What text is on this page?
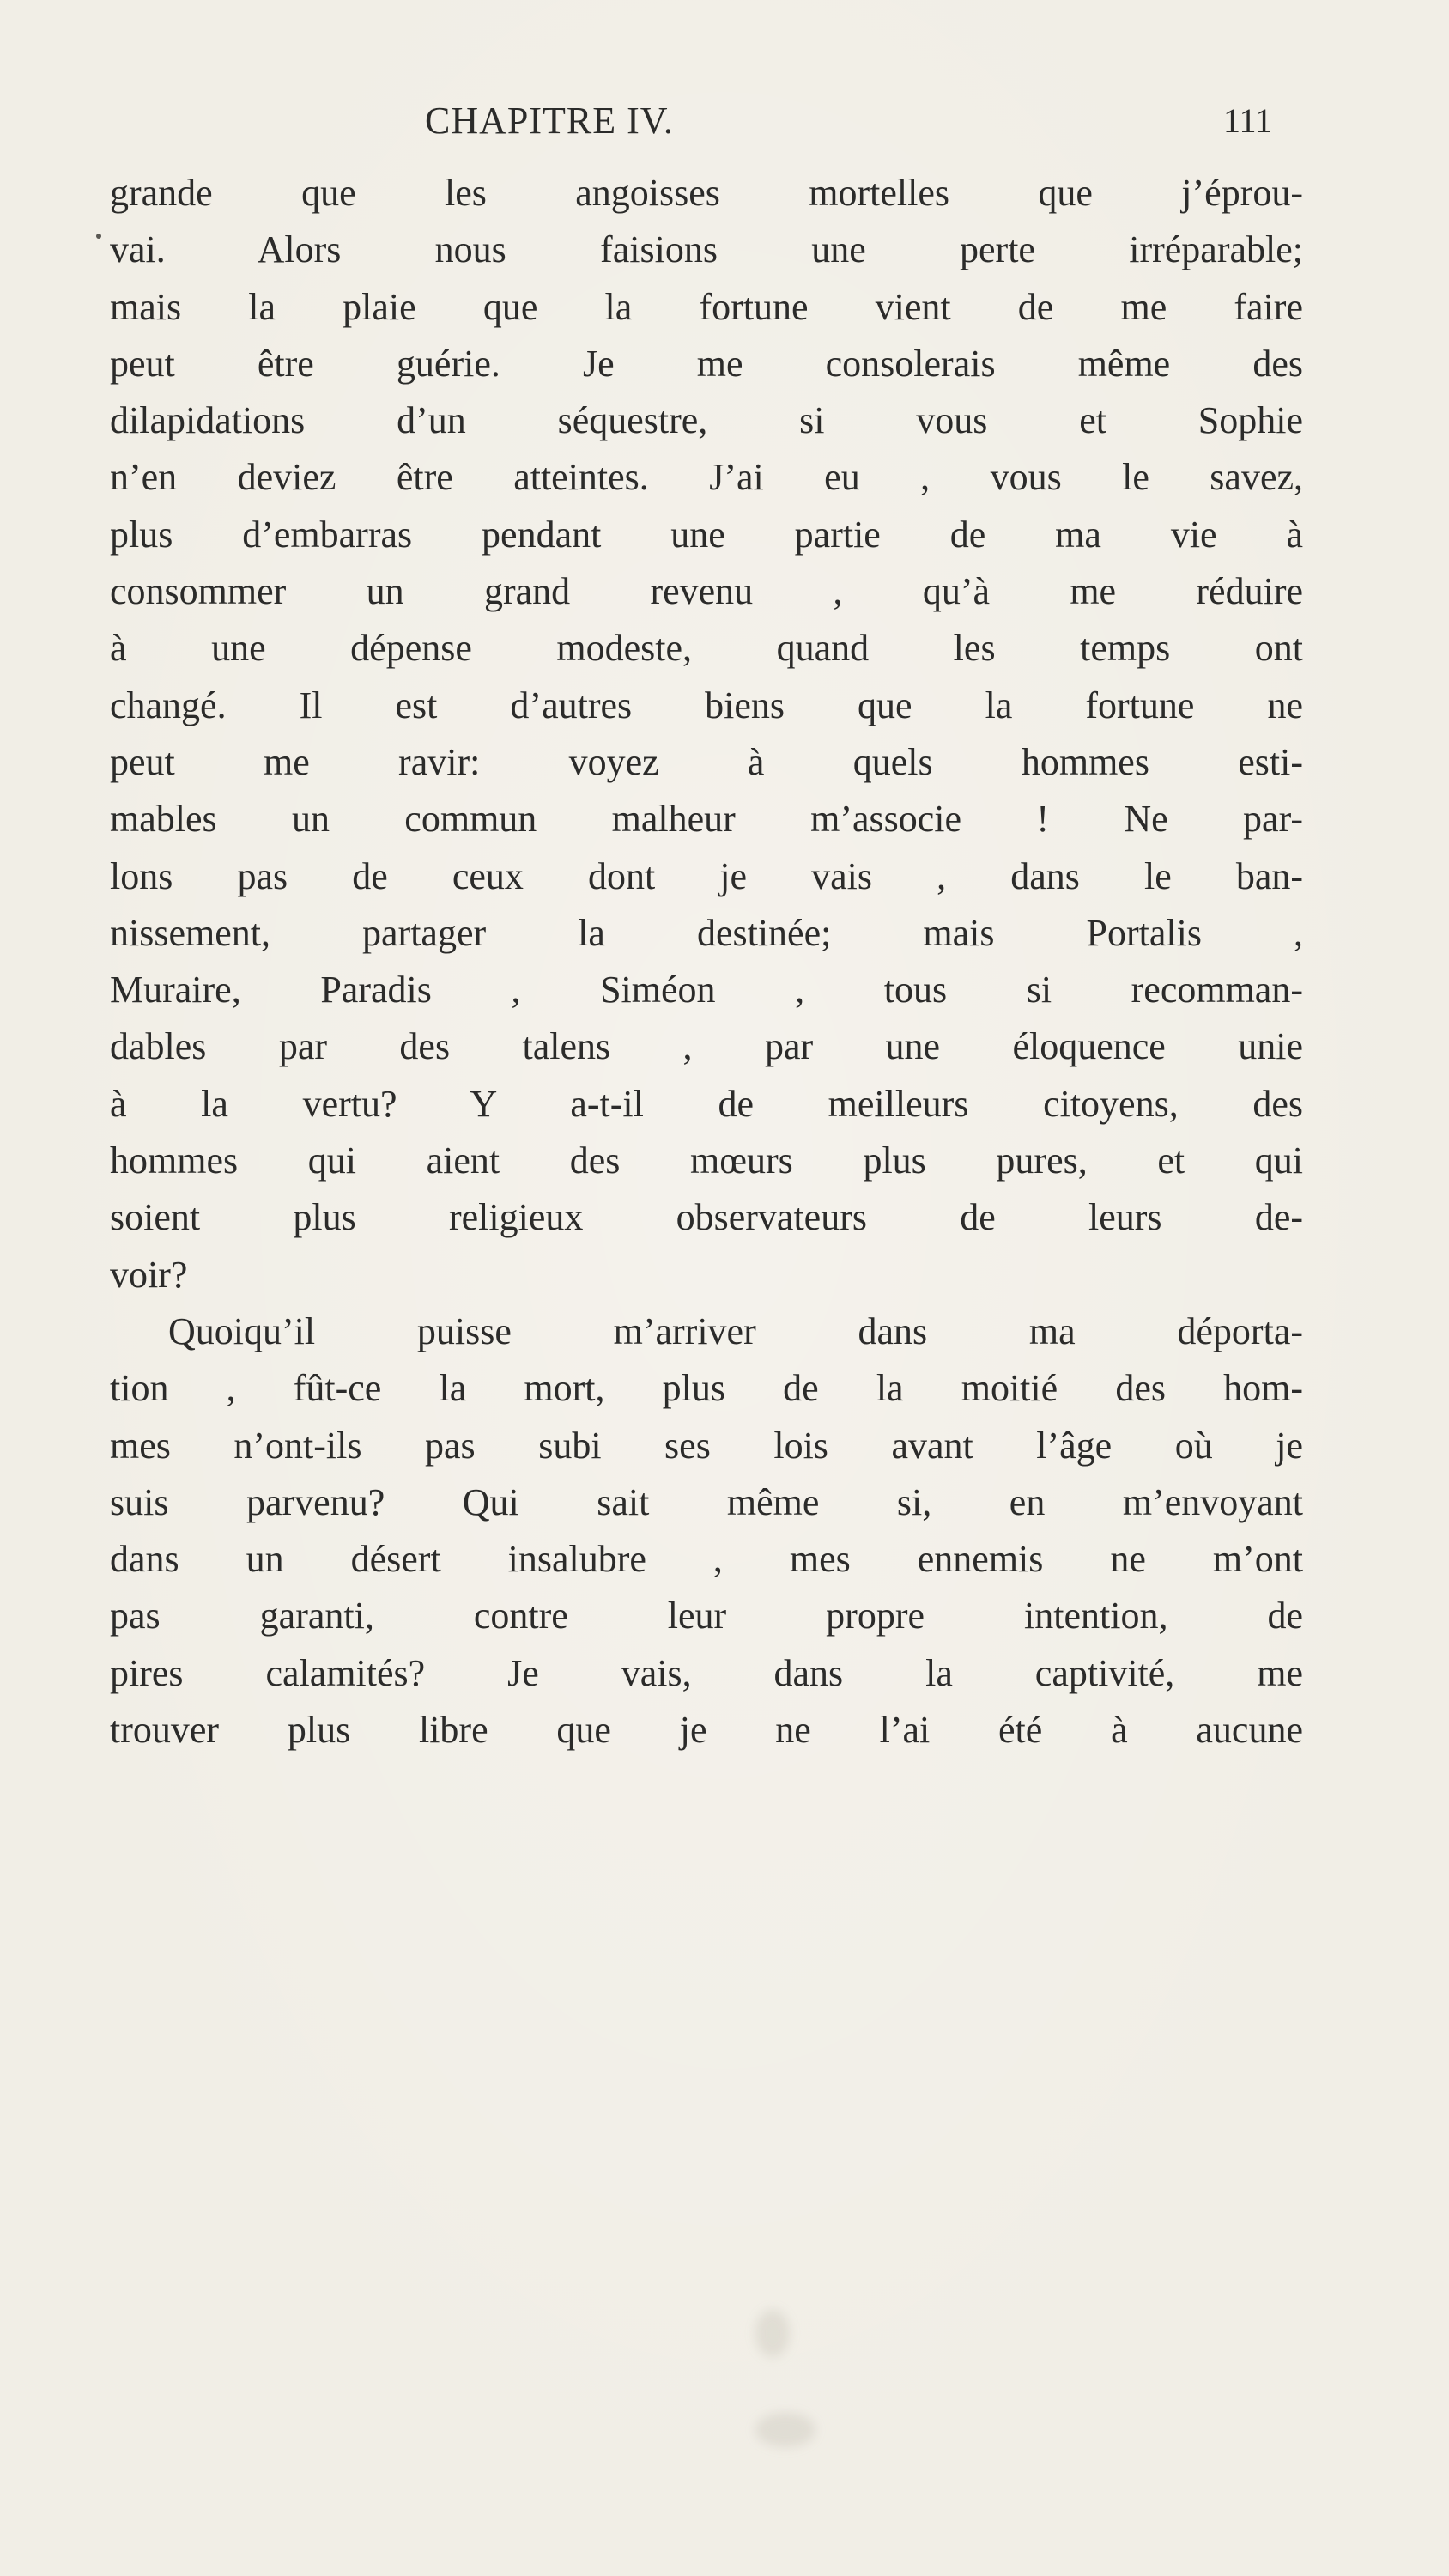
CHAPITRE IV.	111
grande que les angoisses mortelles que j’éprou-
vai. Alors nous faisions une perte irréparable;
mais la plaie que la fortune vient de me faire
peut être guérie. Je me consolerais même des
dilapidations d’un séquestre, si vous et Sophie
n’en deviez être atteintes. J’ai eu , vous le savez,
plus d’embarras pendant une partie de ma vie à
consommer un grand revenu , qu’à me réduire
à une dépense modeste, quand les temps ont
changé. Il est d’autres biens que la fortune ne
peut me ravir: voyez à quels hommes esti-
mables un commun malheur m’associe ! Ne par-
lons pas de ceux dont je vais , dans le ban-
nissement, partager la destinée; mais Portalis ,
Muraire, Paradis , Siméon , tous si recomman-
dables par des talens , par une éloquence unie
à la vertu? Y a-t-il de meilleurs citoyens, des
hommes qui aient des mœurs plus pures, et qui
soient plus religieux observateurs de leurs de-
voir?
Quoiqu’il puisse m’arriver dans ma déporta-
tion , fût-ce la mort, plus de la moitié des hom-
mes n’ont-ils pas subi ses lois avant l’âge où je
suis parvenu? Qui sait même si, en m’envoyant
dans un désert insalubre , mes ennemis ne m’ont
pas garanti, contre leur propre intention, de
pires calamités? Je vais, dans la captivité, me
trouver plus libre que je ne l’ai été à aucune
